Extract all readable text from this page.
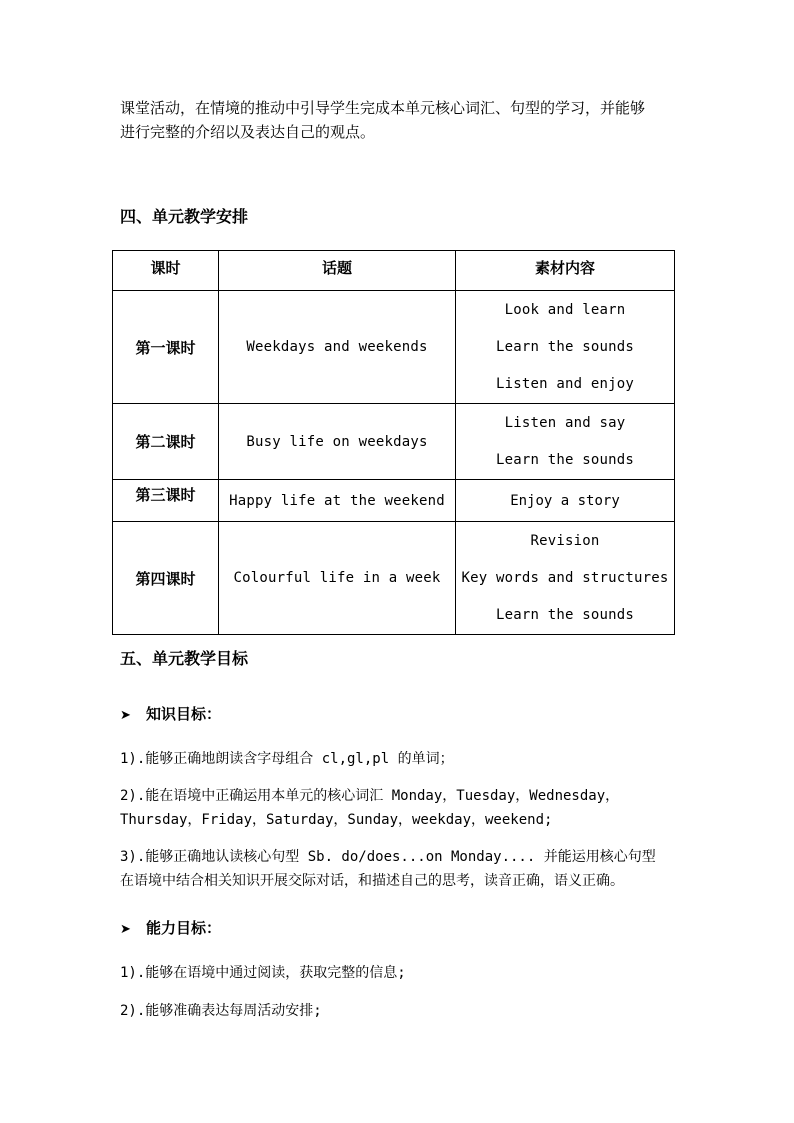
课堂活动，在情境的推动中引导学生完成本单元核心词汇、句型的学习，并能够
进行完整的介绍以及表达自己的观点。
四、单元教学安排
课时	话题	素材内容
第一课时	Weekdays and weekends	Look and learn
Learn the sounds
Listen and enjoy

第二课时	Busy life on weekdays	Listen and say
Learn the sounds

第三课时	Happy life at the weekend	Enjoy a story

第四课时	Colourful life in a week	Revision
Key words and structures
Learn the sounds
五、单元教学目标
➤ 知识目标：
1).能够正确地朗读含字母组合 cl,gl,pl 的单词；
2).能在语境中正确运用本单元的核心词汇 Monday，Tuesday，Wednesday，
Thursday，Friday，Saturday，Sunday，weekday，weekend;
3).能够正确地认读核心句型 Sb. do/does...on Monday.... 并能运用核心句型
在语境中结合相关知识开展交际对话，和描述自己的思考，读音正确，语义正确。
➤ 能力目标：
1).能够在语境中通过阅读，获取完整的信息;
2).能够准确表达每周活动安排;
